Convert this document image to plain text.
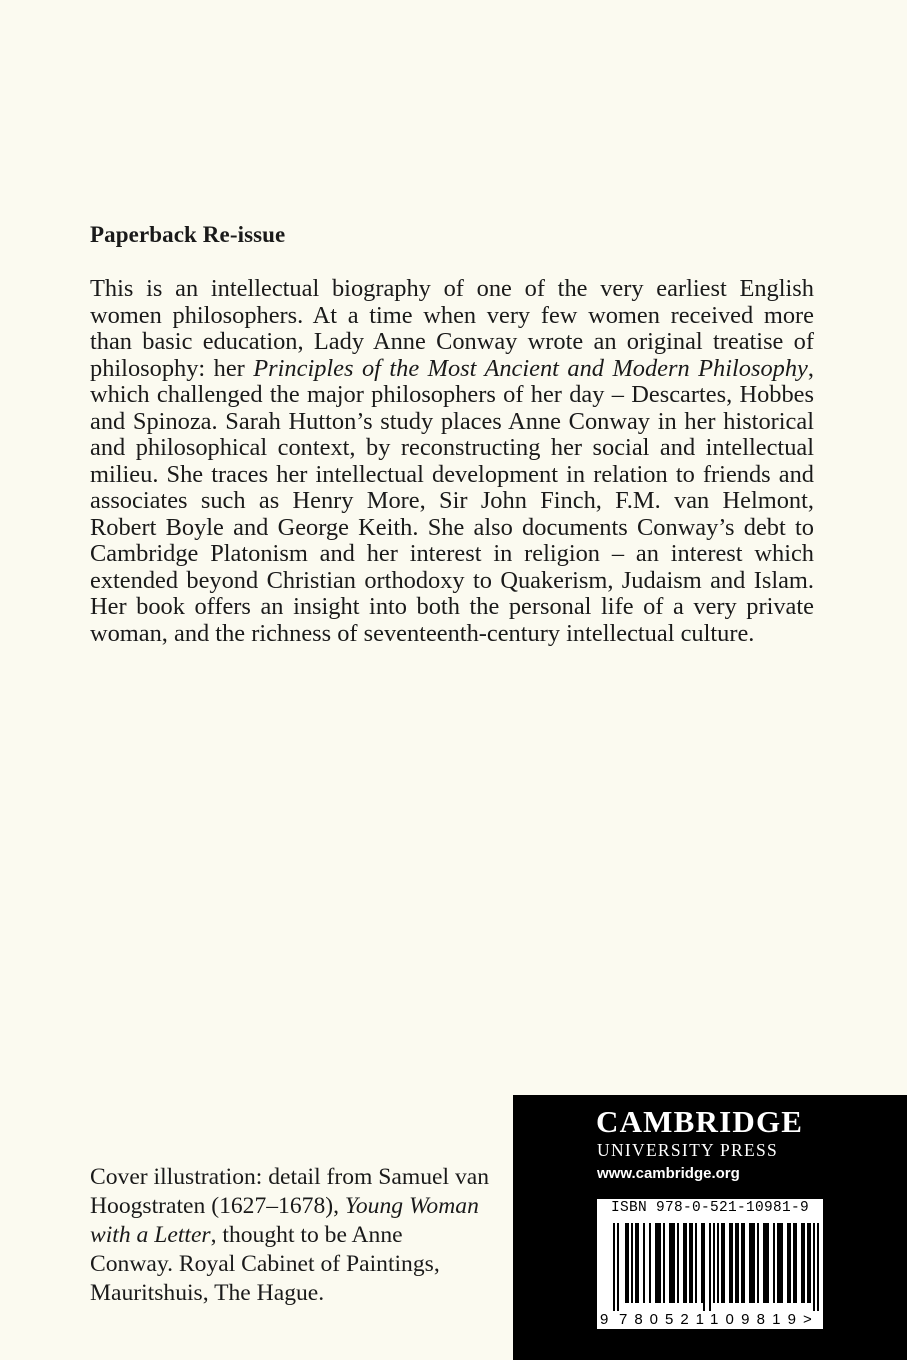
Paperback Re-issue

This is an intellectual biography of one of the very earliest English women philosophers. At a time when very few women received more than basic education, Lady Anne Conway wrote an original treatise of philosophy: her Principles of the Most Ancient and Modern Philosophy, which challenged the major philosophers of her day – Descartes, Hobbes and Spinoza. Sarah Hutton’s study places Anne Conway in her historical and philosophical context, by reconstructing her social and intellectual milieu. She traces her intellectual development in relation to friends and associates such as Henry More, Sir John Finch, F.M. van Helmont, Robert Boyle and George Keith. She also documents Conway’s debt to Cambridge Platonism and her interest in religion – an interest which extended beyond Christian orthodoxy to Quakerism, Judaism and Islam. Her book offers an insight into both the personal life of a very private woman, and the richness of seventeenth-century intellectual culture.

Cover illustration: detail from Samuel van Hoogstraten (1627–1678), Young Woman with a Letter, thought to be Anne Conway. Royal Cabinet of Paintings, Mauritshuis, The Hague.

CAMBRIDGE
UNIVERSITY PRESS
www.cambridge.org
ISBN 978-0-521-10981-9
9 780521 109819 >
